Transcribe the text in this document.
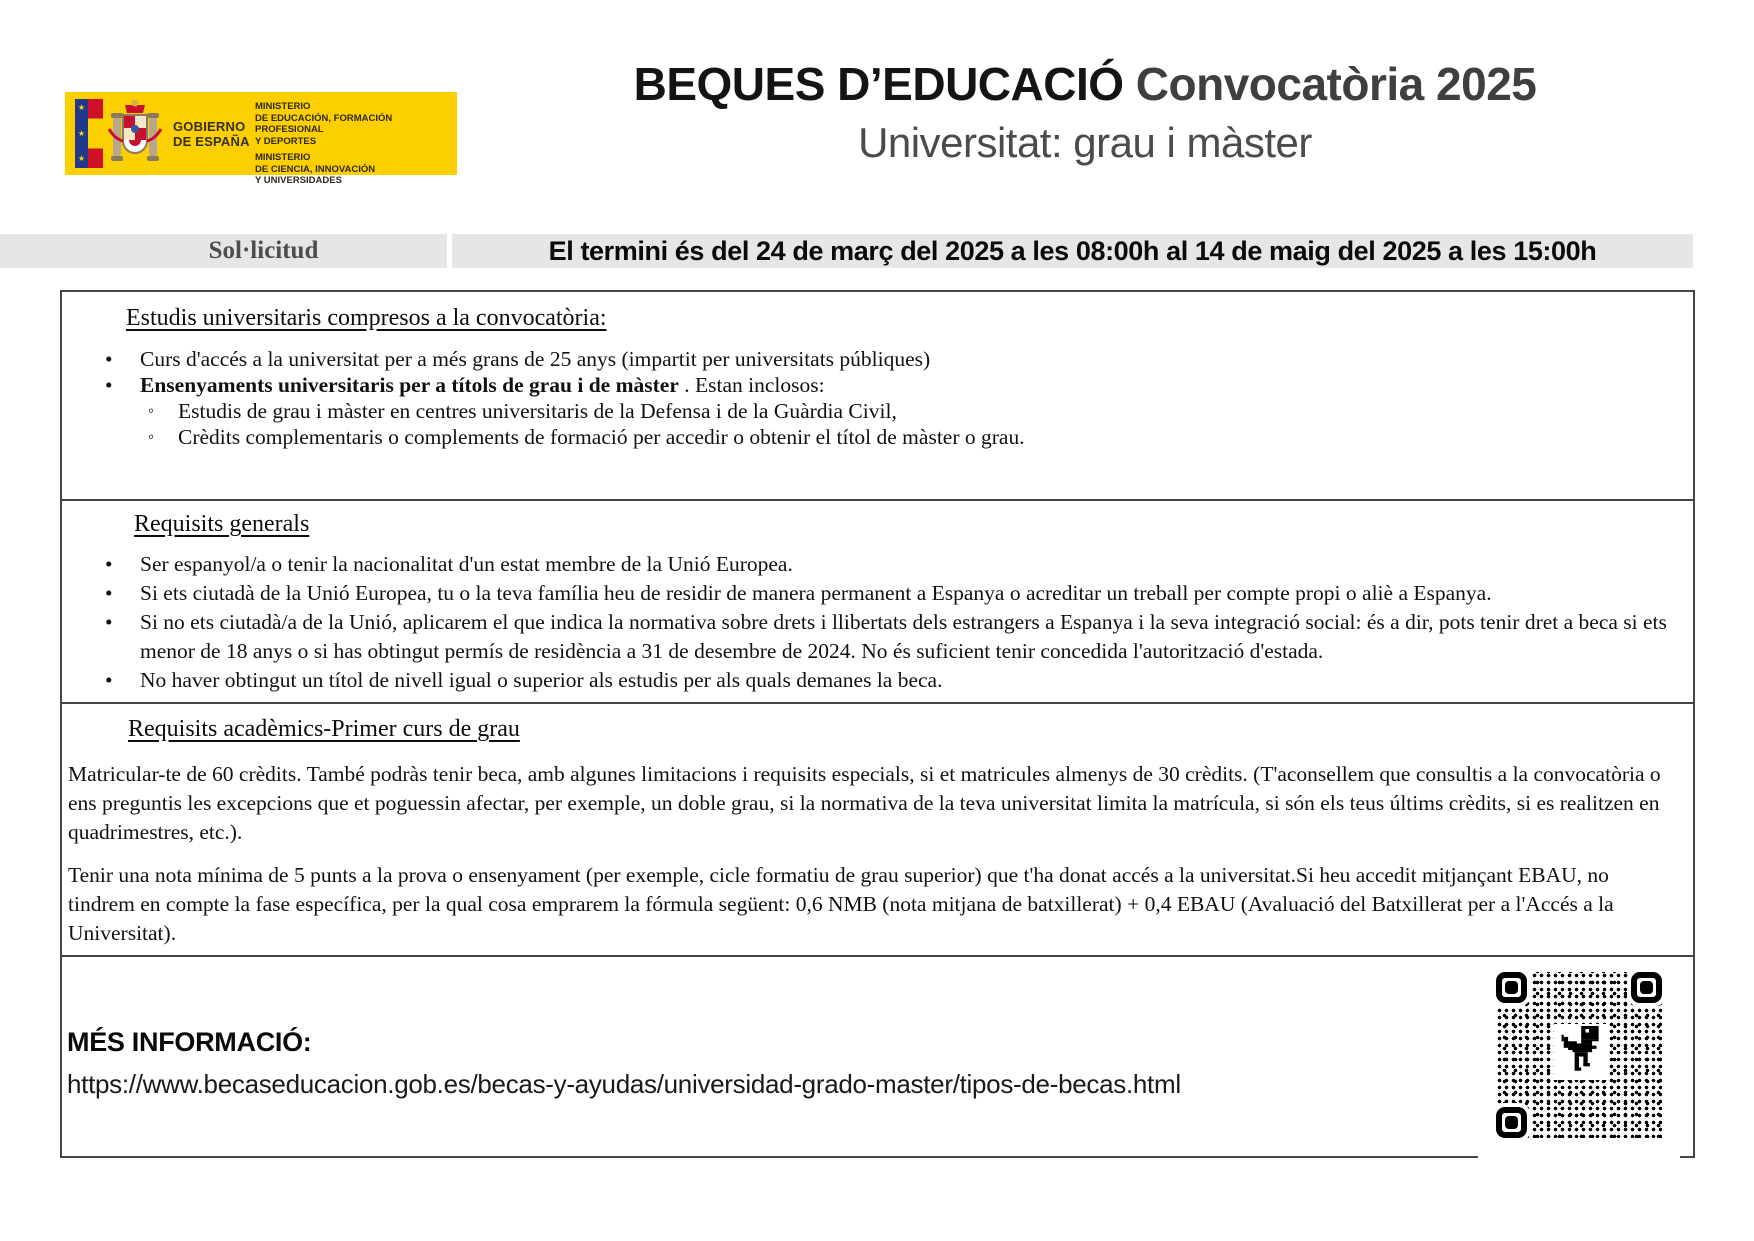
★
★
★
GOBIERNO
DE ESPAÑA
MINISTERIO
DE EDUCACIÓN, FORMACIÓN PROFESIONAL
Y DEPORTES
MINISTERIO
DE CIENCIA, INNOVACIÓN
Y UNIVERSIDADES
BEQUES D’EDUCACIÓ Convocatòria 2025
Universitat: grau i màster
Sol·licitud	El termini és del 24 de març del 2025 a les 08:00h al 14 de maig del 2025 a les 15:00h
Estudis universitaris compresos a la convocatòria:
• Curs d'accés a la universitat per a més grans de 25 anys (impartit per universitats públiques)
• Ensenyaments universitaris per a títols de grau i de màster . Estan inclosos:
◦ Estudis de grau i màster en centres universitaris de la Defensa i de la Guàrdia Civil,
◦ Crèdits complementaris o complements de formació per accedir o obtenir el títol de màster o grau.
Requisits generals
• Ser espanyol/a o tenir la nacionalitat d'un estat membre de la Unió Europea.
• Si ets ciutadà de la Unió Europea, tu o la teva família heu de residir de manera permanent a Espanya o acreditar un treball per compte propi o aliè a Espanya.
• Si no ets ciutadà/a de la Unió, aplicarem el que indica la normativa sobre drets i llibertats dels estrangers a Espanya i la seva integració social: és a dir, pots tenir dret a beca si ets menor de 18 anys o si has obtingut permís de residència a 31 de desembre de 2024. No és suficient tenir concedida l'autorització d'estada.
• No haver obtingut un títol de nivell igual o superior als estudis per als quals demanes la beca.
Requisits acadèmics-Primer curs de grau

Matricular-te de 60 crèdits. També podràs tenir beca, amb algunes limitacions i requisits especials, si et matricules almenys de 30 crèdits. (T'aconsellem que consultis a la convocatòria o ens preguntis les excepcions que et poguessin afectar, per exemple, un doble grau, si la normativa de la teva universitat limita la matrícula, si són els teus últims crèdits, si es realitzen en quadrimestres, etc.).

Tenir una nota mínima de 5 punts a la prova o ensenyament (per exemple, cicle formatiu de grau superior) que t'ha donat accés a la universitat.Si heu accedit mitjançant EBAU, no tindrem en compte la fase específica, per la qual cosa emprarem la fórmula següent: 0,6 NMB (nota mitjana de batxillerat) + 0,4 EBAU (Avaluació del Batxillerat per a l'Accés a la Universitat).

MÉS INFORMACIÓ:
https://www.becaseducacion.gob.es/becas-y-ayudas/universidad-grado-master/tipos-de-becas.html
